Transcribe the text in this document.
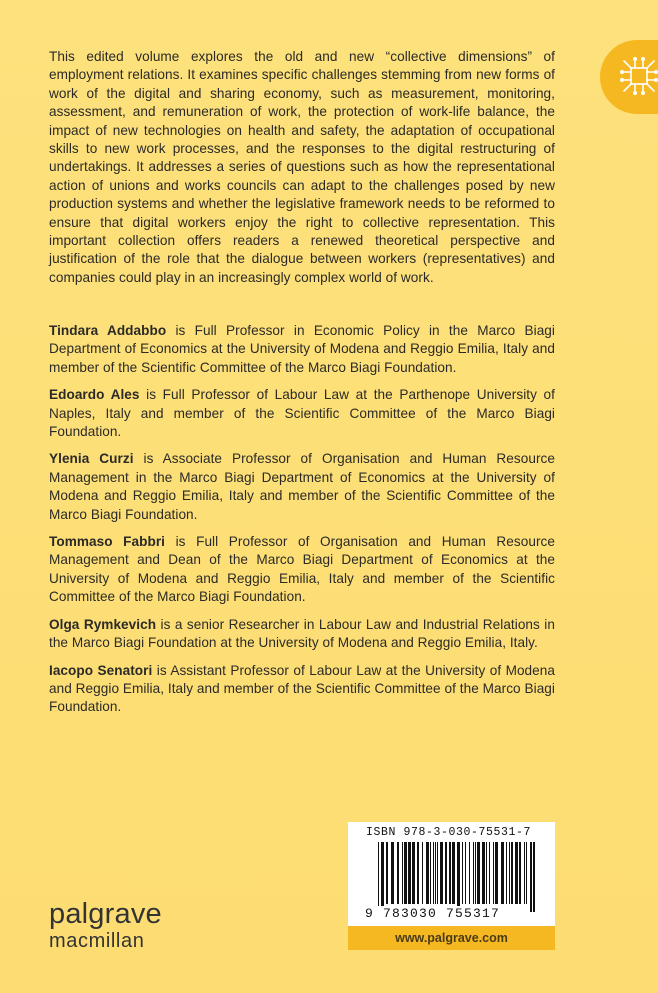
This edited volume explores the old and new “collective dimensions” of employment relations. It examines specific challenges stemming from new forms of work of the digital and sharing economy, such as measurement, monitoring, assessment, and remuneration of work, the protection of work-life balance, the impact of new technologies on health and safety, the adaptation of occupational skills to new work processes, and the responses to the digital restructuring of undertakings. It addresses a series of questions such as how the representational action of unions and works councils can adapt to the challenges posed by new production systems and whether the legislative framework needs to be reformed to ensure that digital workers enjoy the right to collective representation. This important collection offers readers a renewed theoretical perspective and justification of the role that the dialogue between workers (representatives) and companies could play in an increasingly complex world of work.

Tindara Addabbo is Full Professor in Economic Policy in the Marco Biagi Department of Economics at the University of Modena and Reggio Emilia, Italy and member of the Scientific Committee of the Marco Biagi Foundation.

Edoardo Ales is Full Professor of Labour Law at the Parthenope University of Naples, Italy and member of the Scientific Committee of the Marco Biagi Foundation.

Ylenia Curzi is Associate Professor of Organisation and Human Resource Management in the Marco Biagi Department of Economics at the University of Modena and Reggio Emilia, Italy and member of the Scientific Committee of the Marco Biagi Foundation.

Tommaso Fabbri is Full Professor of Organisation and Human Resource Management and Dean of the Marco Biagi Department of Economics at the University of Modena and Reggio Emilia, Italy and member of the Scientific Committee of the Marco Biagi Foundation.

Olga Rymkevich is a senior Researcher in Labour Law and Industrial Relations in the Marco Biagi Foundation at the University of Modena and Reggio Emilia, Italy.

Iacopo Senatori is Assistant Professor of Labour Law at the University of Modena and Reggio Emilia, Italy and member of the Scientific Committee of the Marco Biagi Foundation.

palgrave
macmillan
ISBN 978-3-030-75531-7
9 783030 755317
www.palgrave.com
